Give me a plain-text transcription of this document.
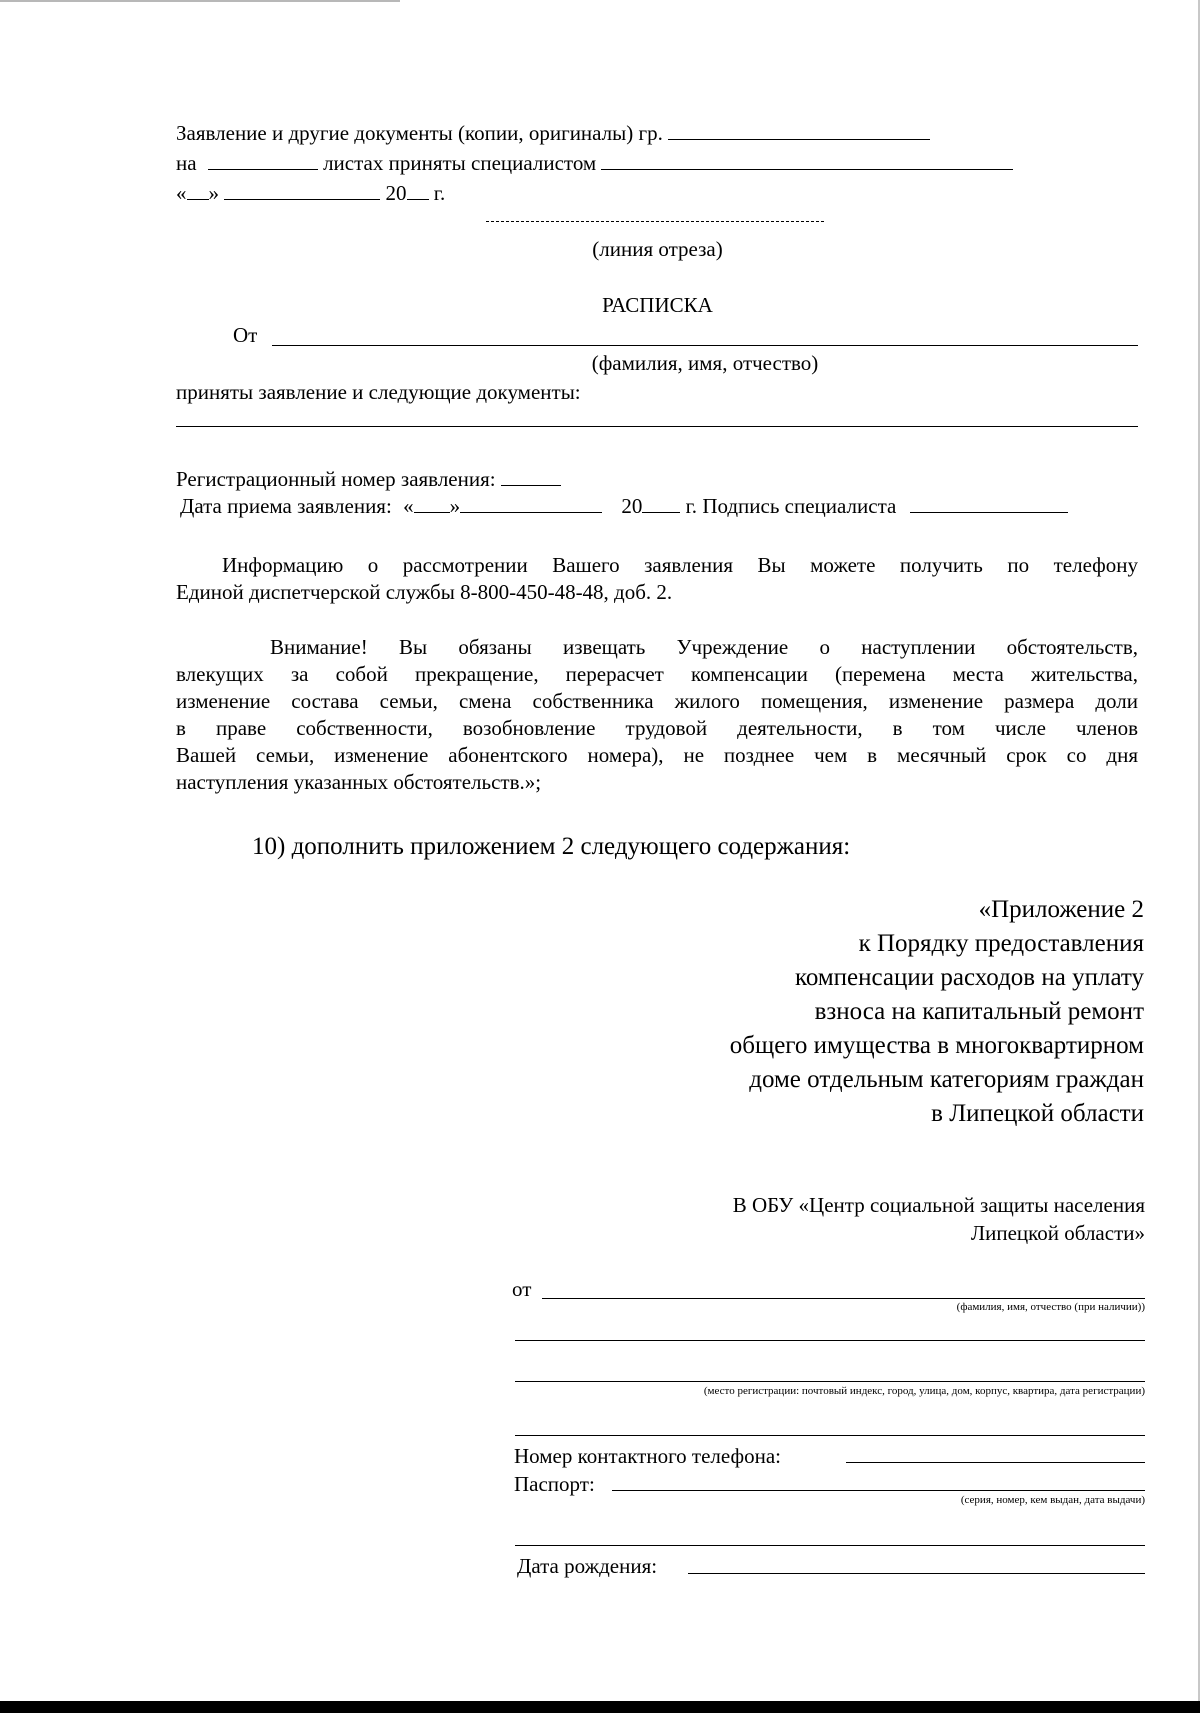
Заявление и другие документы (копии, оригиналы) гр.
на	листах приняты специалистом
« »	20 г.
(линия отреза)
РАСПИСКА
От
(фамилия, имя, отчество)
приняты заявление и следующие документы:
Регистрационный номер заявления:
Дата приема заявления: « »	20 г. Подпись специалиста
Информацию о рассмотрении Вашего заявления Вы можете получить по телефону
Единой диспетчерской службы 8-800-450-48-48, доб. 2.
Внимание! Вы обязаны извещать Учреждение о наступлении обстоятельств,
влекущих за собой прекращение, перерасчет компенсации (перемена места жительства,
изменение состава семьи, смена собственника жилого помещения, изменение размера доли
в праве собственности, возобновление трудовой деятельности, в том числе членов
Вашей семьи, изменение абонентского номера), не позднее чем в месячный срок со дня
наступления указанных обстоятельств.»;
10) дополнить приложением 2 следующего содержания:
«Приложение 2
к Порядку предоставления
компенсации расходов на уплату
взноса на капитальный ремонт
общего имущества в многоквартирном
доме отдельным категориям граждан
в Липецкой области
В ОБУ «Центр социальной защиты населения
Липецкой области»
от
(фамилия, имя, отчество (при наличии))
(место регистрации: почтовый индекс, город, улица, дом, корпус, квартира, дата регистрации)
Номер контактного телефона:
Паспорт:
(серия, номер, кем выдан, дата выдачи)
Дата рождения:
